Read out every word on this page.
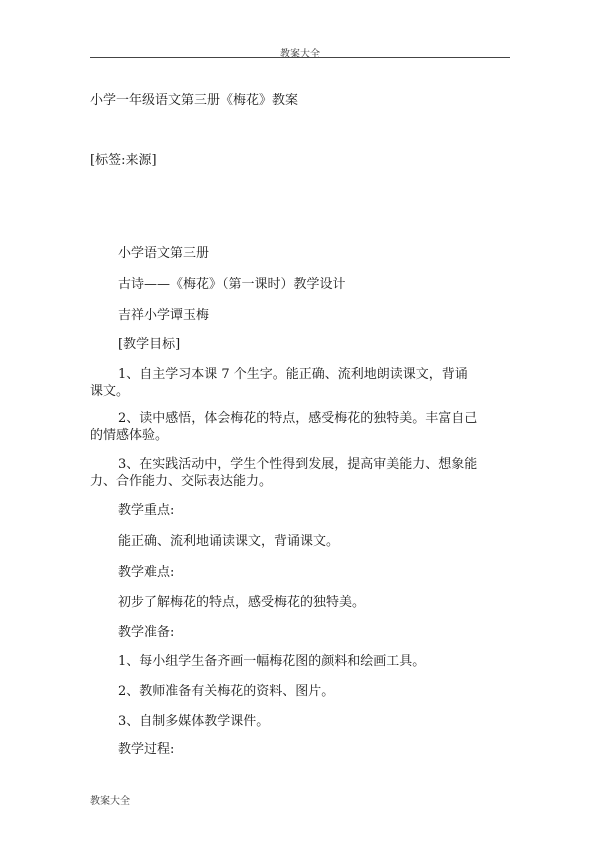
教案大全
小学一年级语文第三册《梅花》教案
[标签:来源]
小学语文第三册
古诗——《梅花》（第一课时）教学设计
吉祥小学谭玉梅
[教学目标]
1、自主学习本课 7 个生字。能正确、流利地朗读课文，背诵课文。
2、读中感悟，体会梅花的特点，感受梅花的独特美。丰富自己的情感体验。
3、在实践活动中，学生个性得到发展，提高审美能力、想象能力、合作能力、交际表达能力。
教学重点:
能正确、流利地诵读课文，背诵课文。
教学难点:
初步了解梅花的特点，感受梅花的独特美。
教学准备:
1、每小组学生备齐画一幅梅花图的颜料和绘画工具。
2、教师准备有关梅花的资料、图片。
3、自制多媒体教学课件。
教学过程:
教案大全
